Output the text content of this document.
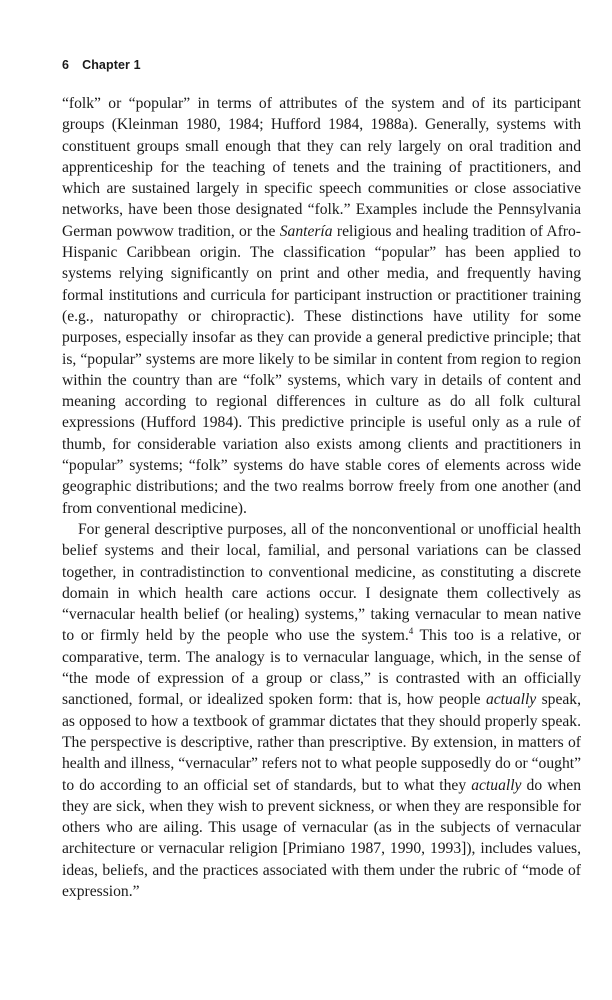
6 Chapter 1

“folk” or “popular” in terms of attributes of the system and of its participant groups (Kleinman 1980, 1984; Hufford 1984, 1988a). Generally, systems with constituent groups small enough that they can rely largely on oral tradition and apprenticeship for the teaching of tenets and the training of practitioners, and which are sustained largely in specific speech communities or close associative networks, have been those designated “folk.” Examples include the Pennsylvania German powwow tradition, or the Santería religious and healing tradition of Afro-Hispanic Caribbean origin. The classification “popular” has been applied to systems relying significantly on print and other media, and frequently having formal institutions and curricula for participant instruction or practitioner training (e.g., naturopathy or chiropractic). These distinctions have utility for some purposes, especially insofar as they can provide a general predictive principle; that is, “popular” systems are more likely to be similar in content from region to region within the country than are “folk” systems, which vary in details of content and meaning according to regional differences in culture as do all folk cultural expressions (Hufford 1984). This predictive principle is useful only as a rule of thumb, for considerable variation also exists among clients and practitioners in “popular” systems; “folk” systems do have stable cores of elements across wide geographic distributions; and the two realms borrow freely from one another (and from conventional medicine).

For general descriptive purposes, all of the nonconventional or unofficial health belief systems and their local, familial, and personal variations can be classed together, in contradistinction to conventional medicine, as constituting a discrete domain in which health care actions occur. I designate them collectively as “vernacular health belief (or healing) systems,” taking vernacular to mean native to or firmly held by the people who use the system.$^4$ This too is a relative, or comparative, term. The analogy is to vernacular language, which, in the sense of “the mode of expression of a group or class,” is contrasted with an officially sanctioned, formal, or idealized spoken form: that is, how people actually speak, as opposed to how a textbook of grammar dictates that they should properly speak. The perspective is descriptive, rather than prescriptive. By extension, in matters of health and illness, “vernacular” refers not to what people supposedly do or “ought” to do according to an official set of standards, but to what they actually do when they are sick, when they wish to prevent sickness, or when they are responsible for others who are ailing. This usage of vernacular (as in the subjects of vernacular architecture or vernacular religion [Primiano 1987, 1990, 1993]), includes values, ideas, beliefs, and the practices associated with them under the rubric of “mode of expression.”
